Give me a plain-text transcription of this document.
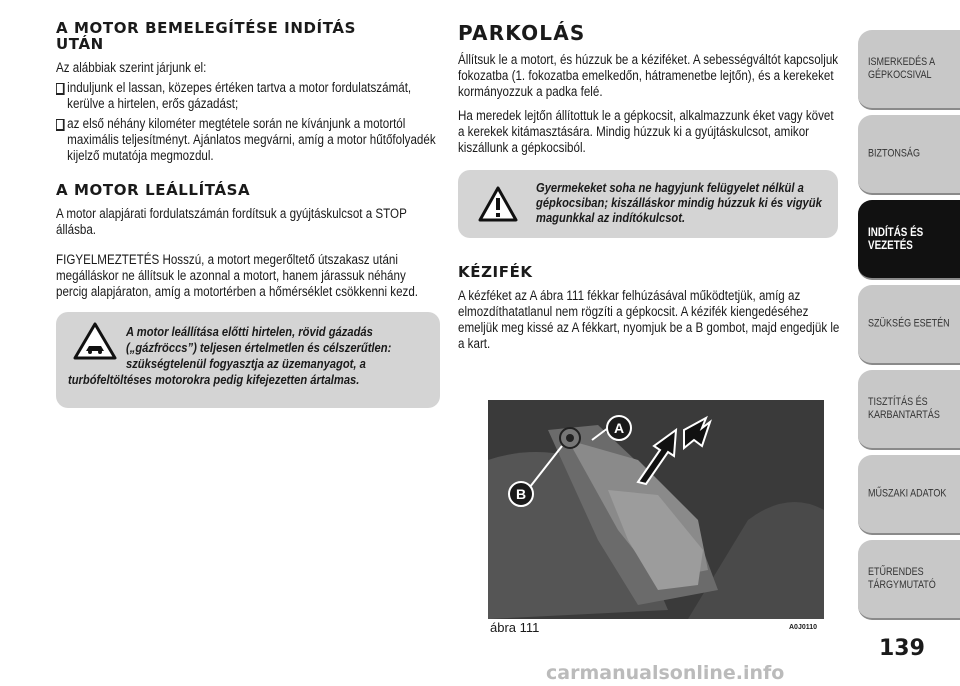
A MOTOR BEMELEGÍTÉSE INDÍTÁS UTÁN

Az alábbiak szerint járjunk el:

induljunk el lassan, közepes értéken tartva a motor fordulatszámát, kerülve a hirtelen, erős gázadást;
az első néhány kilométer megtétele során ne kívánjunk a motortól maximális teljesítményt. Ajánlatos megvárni, amíg a motor hűtőfolyadék kijelző mutatója megmozdul.
A MOTOR LEÁLLÍTÁSA

A motor alapjárati fordulatszámán fordítsuk a gyújtáskulcsot a STOP állásba.

FIGYELMEZTETÉS Hosszú, a motort megerőltető útszakasz utáni megálláskor ne állítsuk le azonnal a motort, hanem járassuk néhány percig alapjáraton, amíg a motortérben a hőmérséklet csökkenni kezd.

A motor leállítása előtti hirtelen, rövid gázadás
(„gázfröccs”) teljesen értelmetlen és célszerűtlen:
szükségtelenül fogyasztja az üzemanyagot, a
turbófeltöltéses motorokra pedig kifejezetten ártalmas.
PARKOLÁS

Állítsuk le a motort, és húzzuk be a kéziféket. A sebességváltót kapcsoljuk fokozatba (1. fokozatba emelkedőn, hátramenetbe lejtőn), és a kerekeket kormányozzuk a padka felé.

Ha meredek lejtőn állítottuk le a gépkocsit, alkalmazzunk éket vagy követ a kerekek kitámasztására. Mindig húzzuk ki a gyújtáskulcsot, amikor kiszállunk a gépkocsiból.

Gyermekeket soha ne hagyjunk felügyelet nélkül a
gépkocsiban; kiszálláskor mindig húzzuk ki és vigyük
magunkkal az indítókulcsot.
KÉZIFÉK

A kézféket az A ábra 111 fékkar felhúzásával működtetjük, amíg az elmozdíthatatlanul nem rögzíti a gépkocsit. A kézifék kiengedéséhez emeljük meg kissé az A fékkart, nyomjuk be a B gombot, majd engedjük le a kart.

A
B
ábra 111	A0J0110
ISMERKEDÉS A GÉPKOCSIVAL
BIZTONSÁG
INDÍTÁS ÉS VEZETÉS
SZÜKSÉG ESETÉN
TISZTÍTÁS ÉS KARBANTARTÁS
MŰSZAKI ADATOK
ETŰRENDES TÁRGYMUTATÓ
139
carmanualsonline.info
